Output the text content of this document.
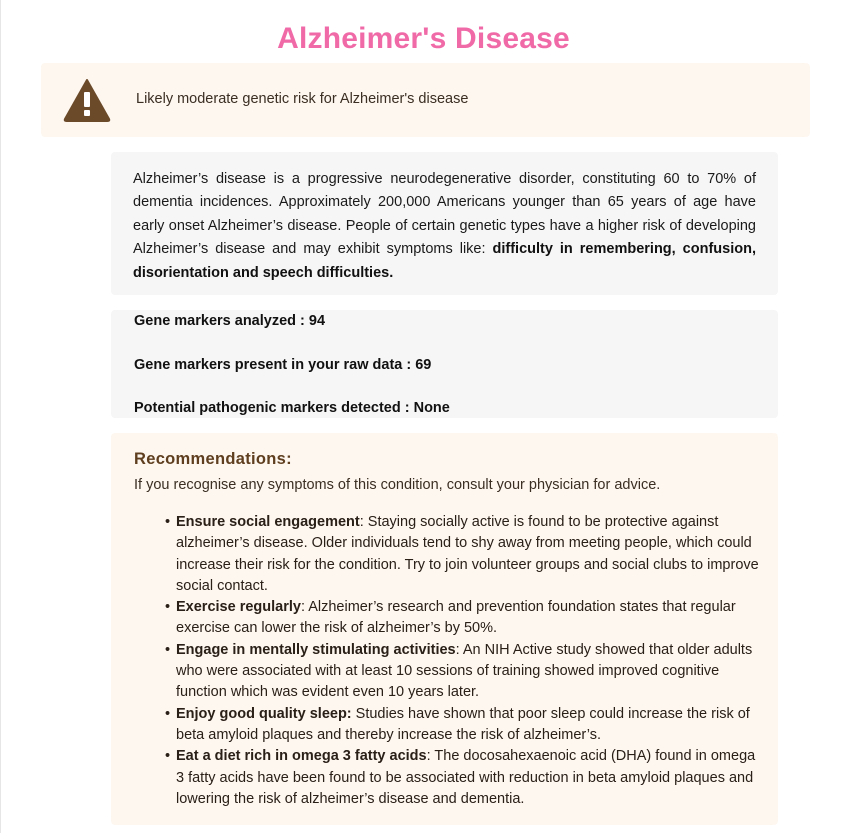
Alzheimer's Disease
Likely moderate genetic risk for Alzheimer's disease
Alzheimer’s disease is a progressive neurodegenerative disorder, constituting 60 to 70% of dementia incidences. Approximately 200,000 Americans younger than 65 years of age have early onset Alzheimer’s disease. People of certain genetic types have a higher risk of developing Alzheimer’s disease and may exhibit symptoms like: difficulty in remembering, confusion, disorientation and speech difficulties.
Gene markers analyzed : 94
Gene markers present in your raw data : 69
Potential pathogenic markers detected : None
Recommendations:
If you recognise any symptoms of this condition, consult your physician for advice.
• Ensure social engagement: Staying socially active is found to be protective against alzheimer’s disease. Older individuals tend to shy away from meeting people, which could increase their risk for the condition. Try to join volunteer groups and social clubs to improve social contact.
• Exercise regularly: Alzheimer’s research and prevention foundation states that regular exercise can lower the risk of alzheimer’s by 50%.
• Engage in mentally stimulating activities: An NIH Active study showed that older adults who were associated with at least 10 sessions of training showed improved cognitive function which was evident even 10 years later.
• Enjoy good quality sleep: Studies have shown that poor sleep could increase the risk of beta amyloid plaques and thereby increase the risk of alzheimer’s.
• Eat a diet rich in omega 3 fatty acids: The docosahexaenoic acid (DHA) found in omega 3 fatty acids have been found to be associated with reduction in beta amyloid plaques and lowering the risk of alzheimer’s disease and dementia.
